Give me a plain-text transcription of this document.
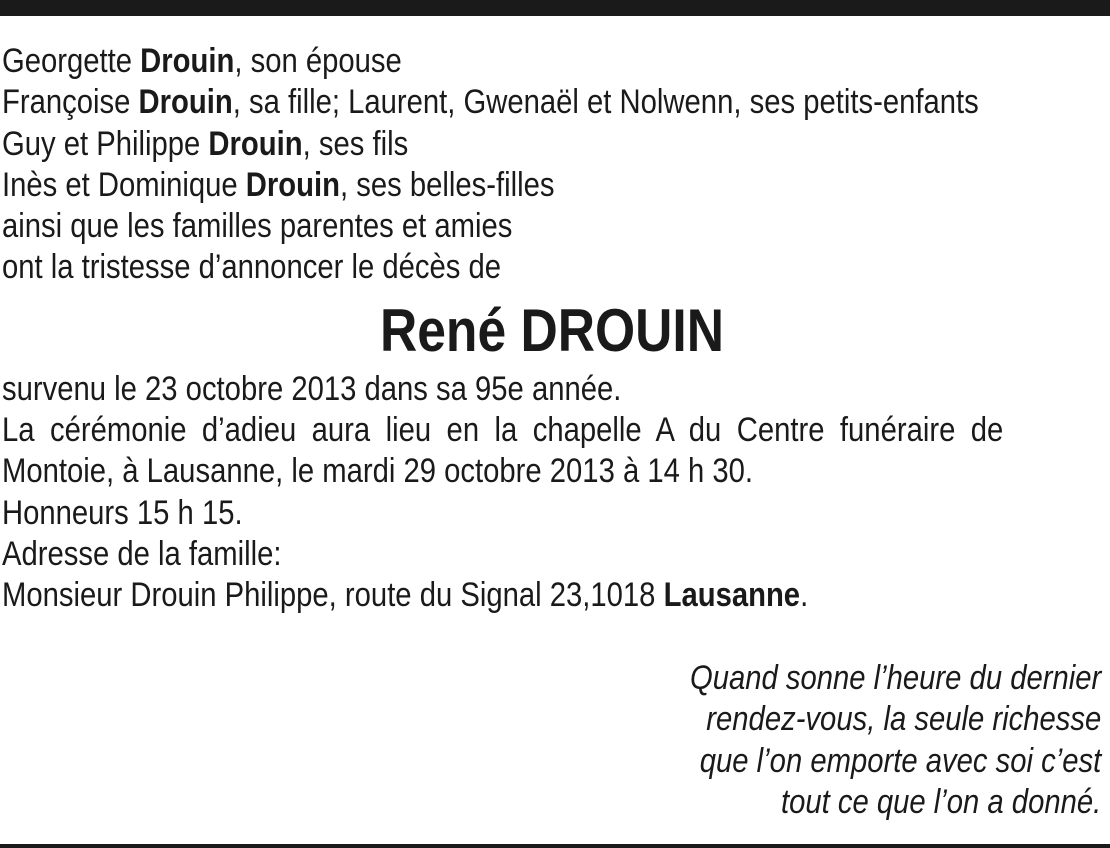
Georgette Drouin, son épouse
Françoise Drouin, sa fille; Laurent, Gwenaël et Nolwenn, ses petits-enfants
Guy et Philippe Drouin, ses fils
Inès et Dominique Drouin, ses belles-filles
ainsi que les familles parentes et amies
ont la tristesse d’annoncer le décès de
René DROUIN
survenu le 23 octobre 2013 dans sa 95e année.
La cérémonie d’adieu aura lieu en la chapelle A du Centre funéraire de
Montoie, à Lausanne, le mardi 29 octobre 2013 à 14 h 30.
Honneurs 15 h 15.
Adresse de la famille:
Monsieur Drouin Philippe, route du Signal 23,1018 Lausanne.
Quand sonne l’heure du dernier
rendez-vous, la seule richesse
que l’on emporte avec soi c’est
tout ce que l’on a donné.
